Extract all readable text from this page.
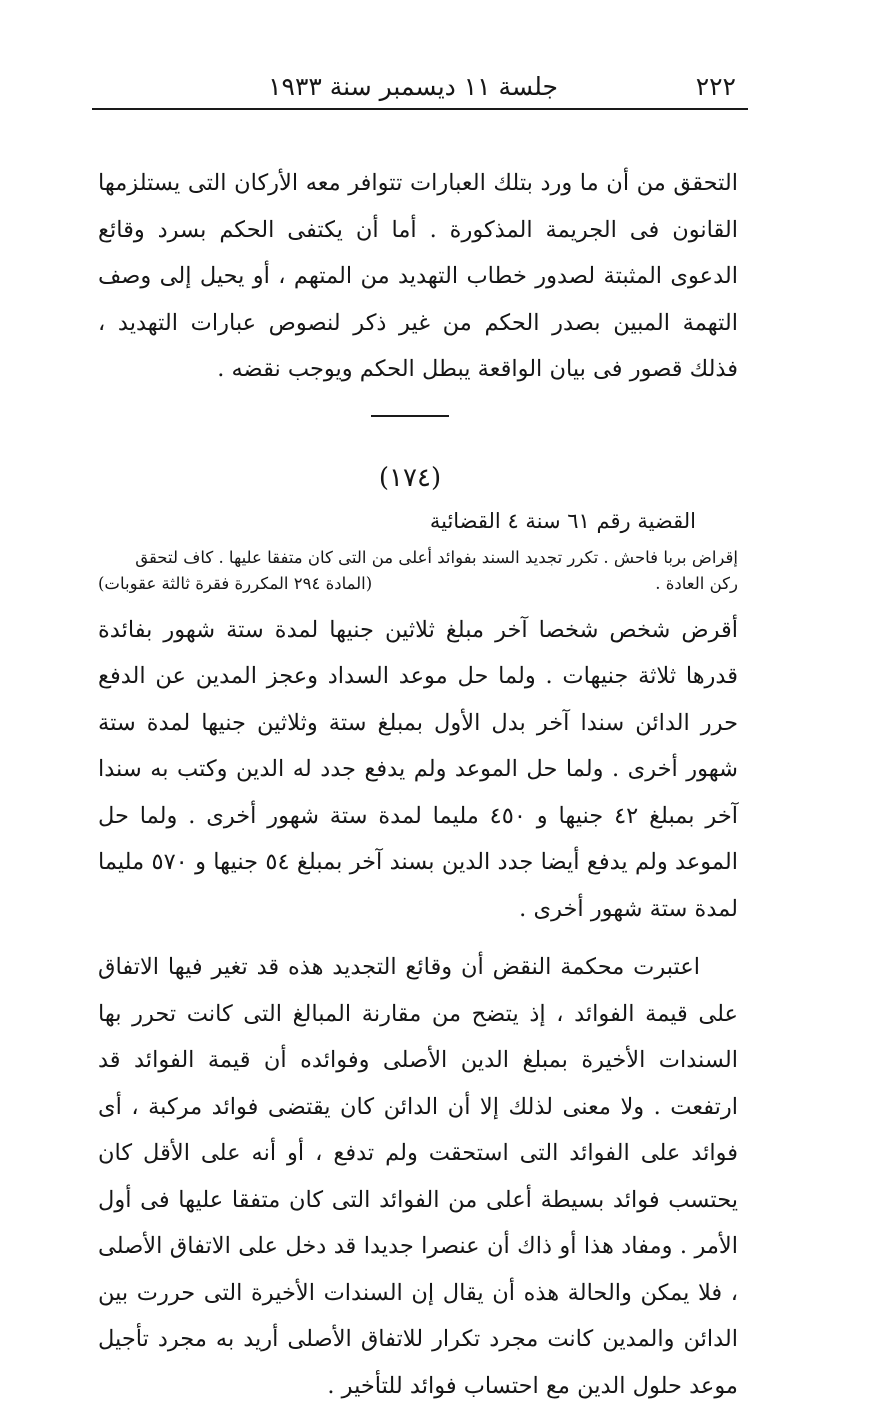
٢٢٢
جلسة ١١ ديسمبر سنة ١٩٣٣

التحقق من أن ما ورد بتلك العبارات تتوافر معه الأركان التى يستلزمها القانون فى الجريمة المذكورة . أما أن يكتفى الحكم بسرد وقائع الدعوى المثبتة لصدور خطاب التهديد من المتهم ، أو يحيل إلى وصف التهمة المبين بصدر الحكم من غير ذكر لنصوص عبارات التهديد ، فذلك قصور فى بيان الواقعة يبطل الحكم ويوجب نقضه .

(١٧٤)
القضية رقم ٦١ سنة ٤ القضائية
إقراض بربا فاحش . تكرر تجديد السند بفوائد أعلى من التى كان متفقا عليها . كاف لتحقق
ركن العادة .
(المادة ٢٩٤ المكررة فقرة ثالثة عقوبات)

أقرض شخص شخصا آخر مبلغ ثلاثين جنيها لمدة ستة شهور بفائدة قدرها ثلاثة جنيهات . ولما حل موعد السداد وعجز المدين عن الدفع حرر الدائن سندا آخر بدل الأول بمبلغ ستة وثلاثين جنيها لمدة ستة شهور أخرى . ولما حل الموعد ولم يدفع جدد له الدين وكتب به سندا آخر بمبلغ ٤٢ جنيها و ٤٥٠ مليما لمدة ستة شهور أخرى . ولما حل الموعد ولم يدفع أيضا جدد الدين بسند آخر بمبلغ ٥٤ جنيها و ٥٧٠ مليما لمدة ستة شهور أخرى .

اعتبرت محكمة النقض أن وقائع التجديد هذه قد تغير فيها الاتفاق على قيمة الفوائد ، إذ يتضح من مقارنة المبالغ التى كانت تحرر بها السندات الأخيرة بمبلغ الدين الأصلى وفوائده أن قيمة الفوائد قد ارتفعت . ولا معنى لذلك إلا أن الدائن كان يقتضى فوائد مركبة ، أى فوائد على الفوائد التى استحقت ولم تدفع ، أو أنه على الأقل كان يحتسب فوائد بسيطة أعلى من الفوائد التى كان متفقا عليها فى أول الأمر . ومفاد هذا أو ذاك أن عنصرا جديدا قد دخل على الاتفاق الأصلى ، فلا يمكن والحالة هذه أن يقال إن السندات الأخيرة التى حررت بين الدائن والمدين كانت مجرد تكرار للاتفاق الأصلى أريد به مجرد تأجيل موعد حلول الدين مع احتساب فوائد للتأخير .
